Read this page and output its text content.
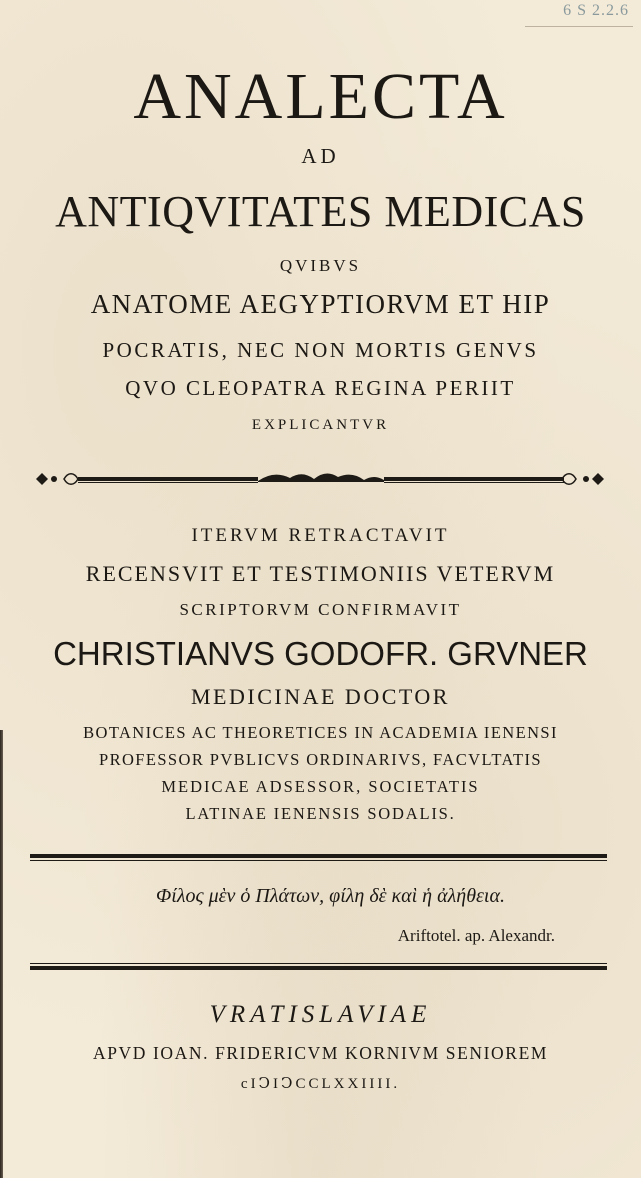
6 S 2.2.6
ANALECTA
AD
ANTIQVITATES MEDICAS
QVIBVS
ANATOME AEGYPTIORVM ET HIP
POCRATIS, NEC NON MORTIS GENVS
QVO CLEOPATRA REGINA PERIIT
EXPLICANTVR
ITERVM RETRACTAVIT
RECENSVIT ET TESTIMONIIS VETERVM
SCRIPTORVM CONFIRMAVIT
CHRISTIANVS GODOFR. GRVNER
MEDICINAE DOCTOR
BOTANICES AC THEORETICES IN ACADEMIA IENENSI
PROFESSOR PVBLICVS ORDINARIVS, FACVLTATIS
MEDICAE ADSESSOR, SOCIETATIS
LATINAE IENENSIS SODALIS.
Φίλος μὲν ὁ Πλάτων, φίλη δὲ καὶ ἡ ἀλήθεια.
Ariftotel. ap. Alexandr.
VRATISLAVIAE
APVD IOAN. FRIDERICVM KORNIVM SENIOREM
cIↃIↃCCLXXIIII.
